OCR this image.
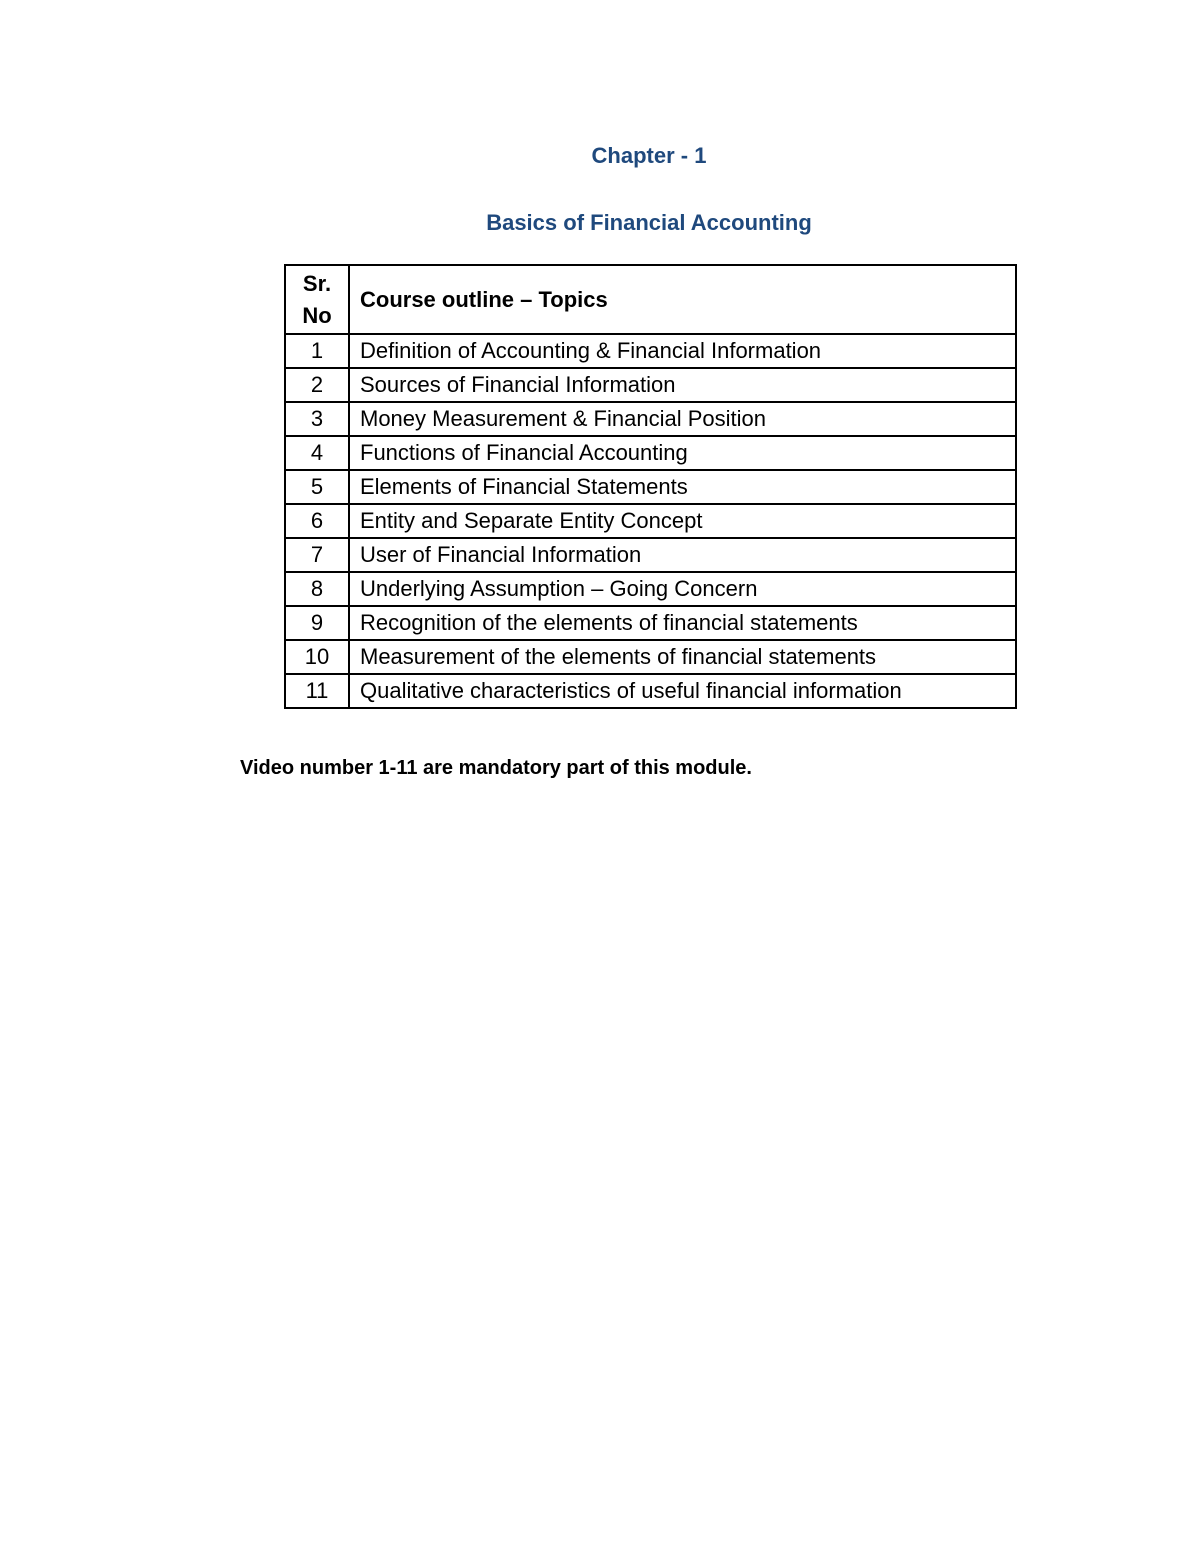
Chapter - 1
Basics of Financial Accounting
Sr.
No	Course outline – Topics
1	Definition of Accounting & Financial Information
2	Sources of Financial Information
3	Money Measurement & Financial Position
4	Functions of Financial Accounting
5	Elements of Financial Statements
6	Entity and Separate Entity Concept
7	User of Financial Information
8	Underlying Assumption – Going Concern
9	Recognition of the elements of financial statements
10	Measurement of the elements of financial statements
11	Qualitative characteristics of useful financial information
Video number 1-11 are mandatory part of this module.
